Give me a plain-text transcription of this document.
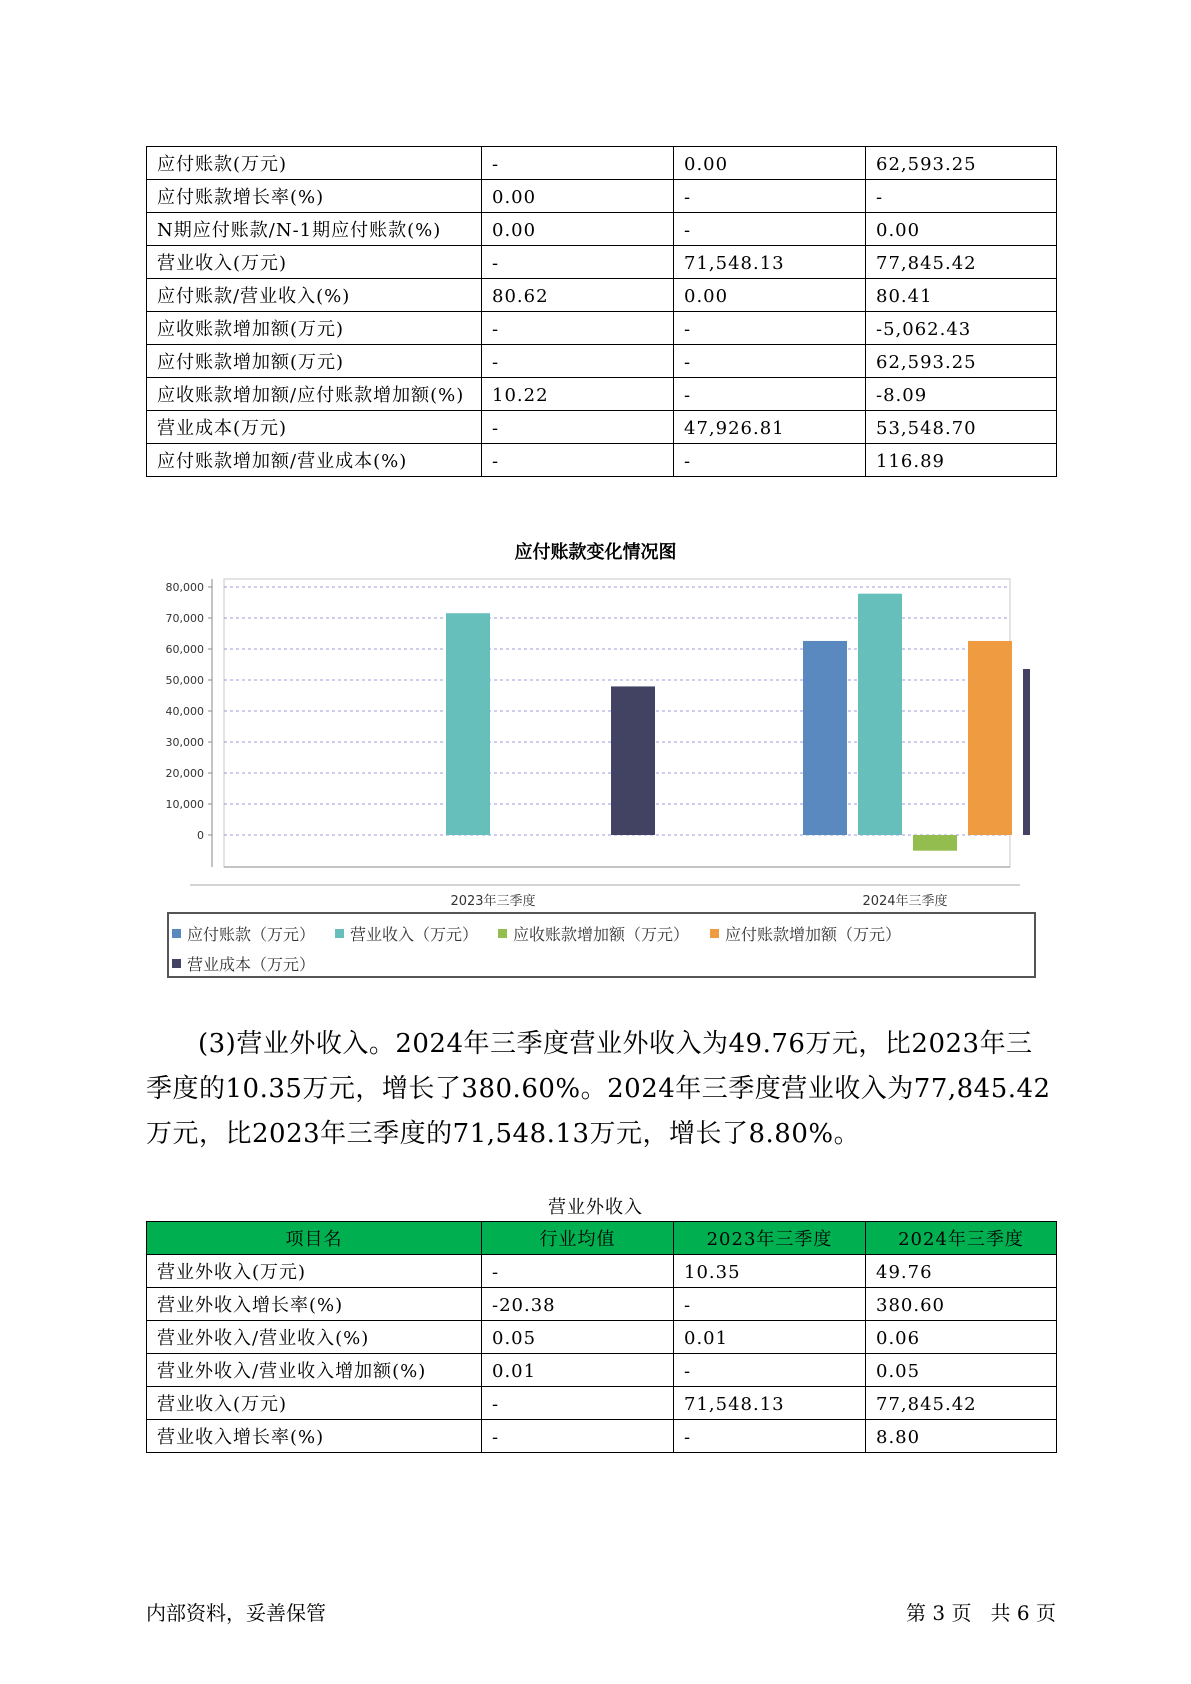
应付账款(万元)	-	0.00	62,593.25
应付账款增长率(%)	0.00	-	-
N期应付账款/N-1期应付账款(%)	0.00	-	0.00
营业收入(万元)	-	71,548.13	77,845.42
应付账款/营业收入(%)	80.62	0.00	80.41
应收账款增加额(万元)	-	-	-5,062.43
应付账款增加额(万元)	-	-	62,593.25
应收账款增加额/应付账款增加额(%)	10.22	-	-8.09
营业成本(万元)	-	47,926.81	53,548.70
应付账款增加额/营业成本(%)	-	-	116.89
应付账款变化情况图
80,000
70,000
60,000
50,000
40,000
30,000
20,000
10,000
0
2023年三季度	2024年三季度
应付账款（万元） 营业收入（万元） 应收账款增加额（万元） 应付账款增加额（万元）
营业成本（万元）

(3)营业外收入。2024年三季度营业外收入为49.76万元，比2023年三季度的10.35万元，增长了380.60%。2024年三季度营业收入为77,845.42万元，比2023年三季度的71,548.13万元，增长了8.80%。

营业外收入
项目名	行业均值	2023年三季度	2024年三季度
营业外收入(万元)	-	10.35	49.76
营业外收入增长率(%)	-20.38	-	380.60
营业外收入/营业收入(%)	0.05	0.01	0.06
营业外收入/营业收入增加额(%)	0.01	-	0.05
营业收入(万元)	-	71,548.13	77,845.42
营业收入增长率(%)	-	-	8.80
内部资料，妥善保管	第 3 页   共 6 页
